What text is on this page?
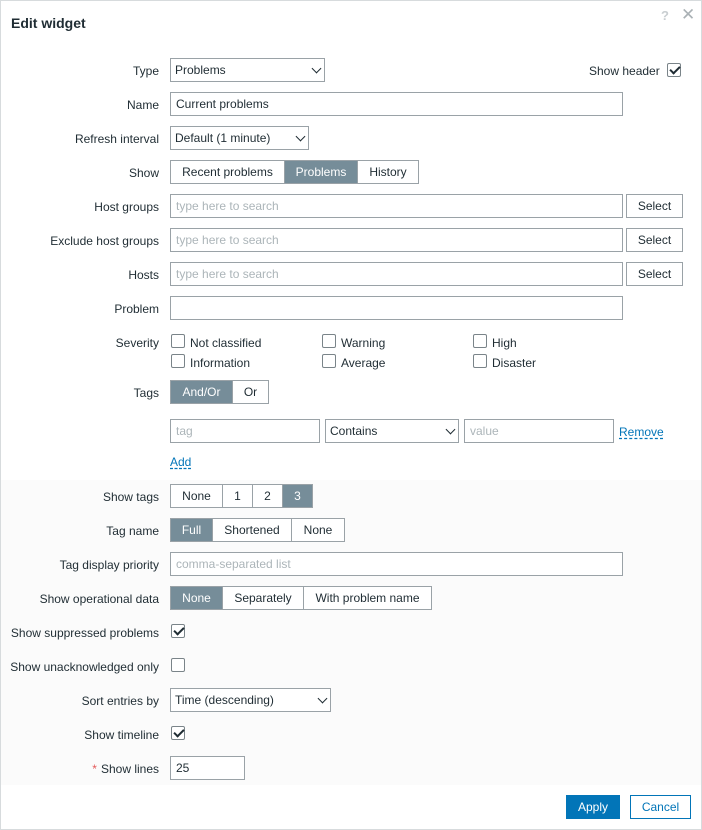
Edit widget	? ✕
Type	Problems	Show header
Name	Current problems
Refresh interval	Default (1 minute)
Show	Recent problems	Problems	History
Host groups	type here to search	Select
Exclude host groups	type here to search	Select
Hosts	type here to search	Select
Problem
Severity	Not classified	Warning	High
Information	Average	Disaster
Tags	And/Or	Or
tag	Contains	value	Remove
Add
Show tags	None	1	2	3
Tag name	Full	Shortened	None
Tag display priority	comma-separated list
Show operational data	None	Separately	With problem name
Show suppressed problems
Show unacknowledged only
Sort entries by	Time (descending)
Show timeline
* Show lines	25
Apply	Cancel
